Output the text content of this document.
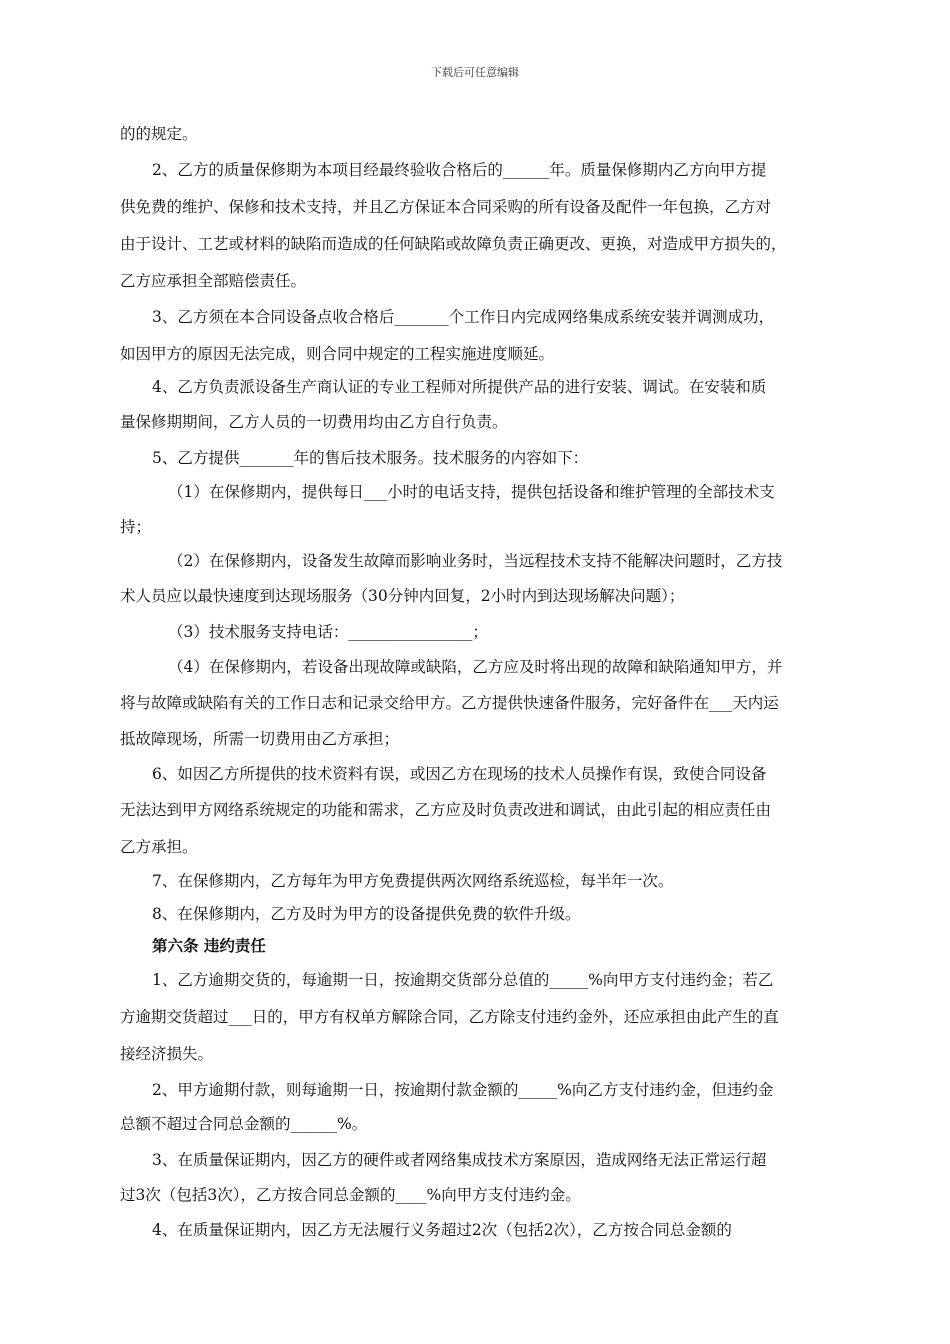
下载后可任意编辑
的的规定。
2、乙方的质量保修期为本项目经最终验收合格后的______年。质量保修期内乙方向甲方提
供免费的维护、保修和技术支持，并且乙方保证本合同采购的所有设备及配件一年包换，乙方对
由于设计、工艺或材料的缺陷而造成的任何缺陷或故障负责正确更改、更换，对造成甲方损失的，
乙方应承担全部赔偿责任。
3、乙方须在本合同设备点收合格后_______个工作日内完成网络集成系统安装并调测成功，
如因甲方的原因无法完成，则合同中规定的工程实施进度顺延。
4、乙方负责派设备生产商认证的专业工程师对所提供产品的进行安装、调试。在安装和质
量保修期期间，乙方人员的一切费用均由乙方自行负责。
5、乙方提供_______年的售后技术服务。技术服务的内容如下：
（1）在保修期内，提供每日___小时的电话支持，提供包括设备和维护管理的全部技术支
持；
（2）在保修期内，设备发生故障而影响业务时，当远程技术支持不能解决问题时，乙方技
术人员应以最快速度到达现场服务（30分钟内回复，2小时内到达现场解决问题）；
（3）技术服务支持电话：________________；
（4）在保修期内，若设备出现故障或缺陷，乙方应及时将出现的故障和缺陷通知甲方，并
将与故障或缺陷有关的工作日志和记录交给甲方。乙方提供快速备件服务，完好备件在___天内运
抵故障现场，所需一切费用由乙方承担；
6、如因乙方所提供的技术资料有误，或因乙方在现场的技术人员操作有误，致使合同设备
无法达到甲方网络系统规定的功能和需求，乙方应及时负责改进和调试，由此引起的相应责任由
乙方承担。
7、在保修期内，乙方每年为甲方免费提供两次网络系统巡检，每半年一次。
8、在保修期内，乙方及时为甲方的设备提供免费的软件升级。
第六条 违约责任
1、乙方逾期交货的，每逾期一日，按逾期交货部分总值的_____%向甲方支付违约金；若乙
方逾期交货超过___日的，甲方有权单方解除合同，乙方除支付违约金外，还应承担由此产生的直
接经济损失。
2、甲方逾期付款，则每逾期一日，按逾期付款金额的_____%向乙方支付违约金，但违约金
总额不超过合同总金额的______%。
3、在质量保证期内，因乙方的硬件或者网络集成技术方案原因，造成网络无法正常运行超
过3次（包括3次），乙方按合同总金额的____%向甲方支付违约金。
4、在质量保证期内，因乙方无法履行义务超过2次（包括2次），乙方按合同总金额的
